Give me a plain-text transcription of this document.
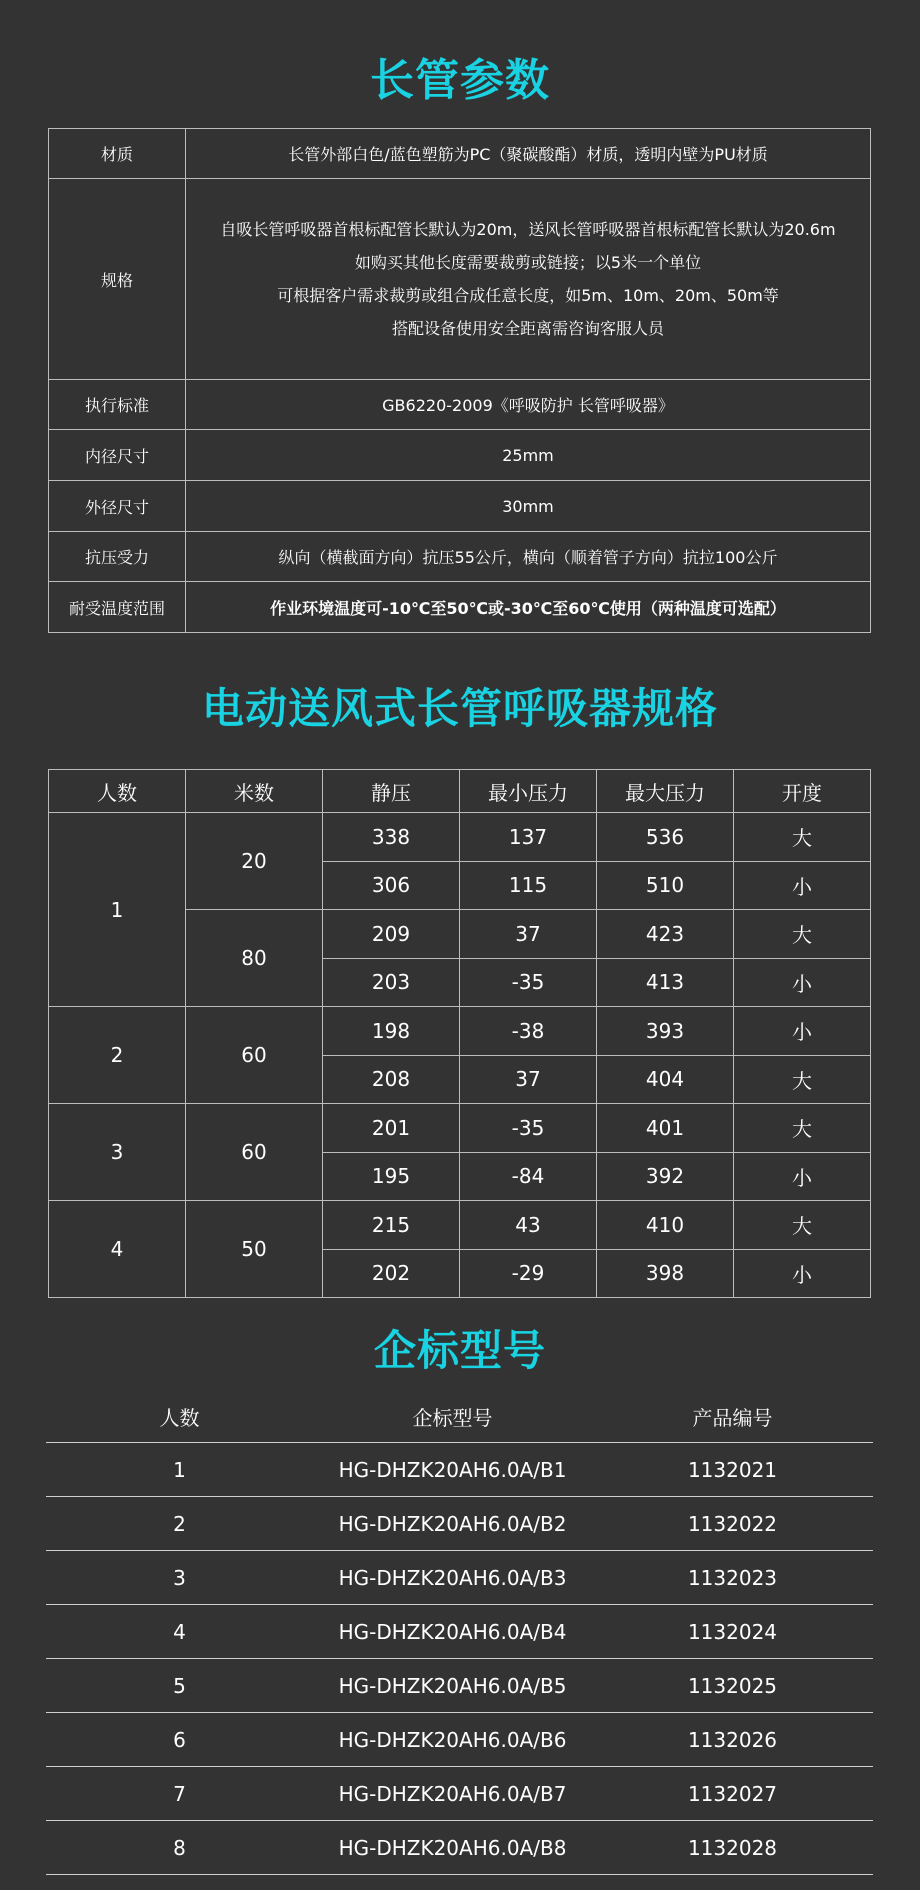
长管参数
材质	长管外部白色/蓝色塑筋为PC（聚碳酸酯）材质，透明内壁为PU材质
规格	自吸长管呼吸器首根标配管长默认为20m，送风长管呼吸器首根标配管长默认为20.6m
如购买其他长度需要裁剪或链接；以5米一个单位
可根据客户需求裁剪或组合成任意长度，如5m、10m、20m、50m等
搭配设备使用安全距离需咨询客服人员

执行标准	GB6220-2009《呼吸防护 长管呼吸器》
内径尺寸	25mm
外径尺寸	30mm
抗压受力	纵向（横截面方向）抗压55公斤，横向（顺着管子方向）抗拉100公斤
耐受温度范围	作业环境温度可-10℃至50℃或-30℃至60℃使用（两种温度可选配）
电动送风式长管呼吸器规格
人数	米数	静压	最小压力	最大压力	开度
1	20	338	137	536	大
		306	115	510	小
	80	209	37	423	大
		203	-35	413	小
2	60	198	-38	393	小
		208	37	404	大
3	60	201	-35	401	大
		195	-84	392	小
4	50	215	43	410	大
		202	-29	398	小
企标型号
人数	企标型号	产品编号
1	HG-DHZK20AH6.0A/B1	1132021
2	HG-DHZK20AH6.0A/B2	1132022
3	HG-DHZK20AH6.0A/B3	1132023
4	HG-DHZK20AH6.0A/B4	1132024
5	HG-DHZK20AH6.0A/B5	1132025
6	HG-DHZK20AH6.0A/B6	1132026
7	HG-DHZK20AH6.0A/B7	1132027
8	HG-DHZK20AH6.0A/B8	1132028
